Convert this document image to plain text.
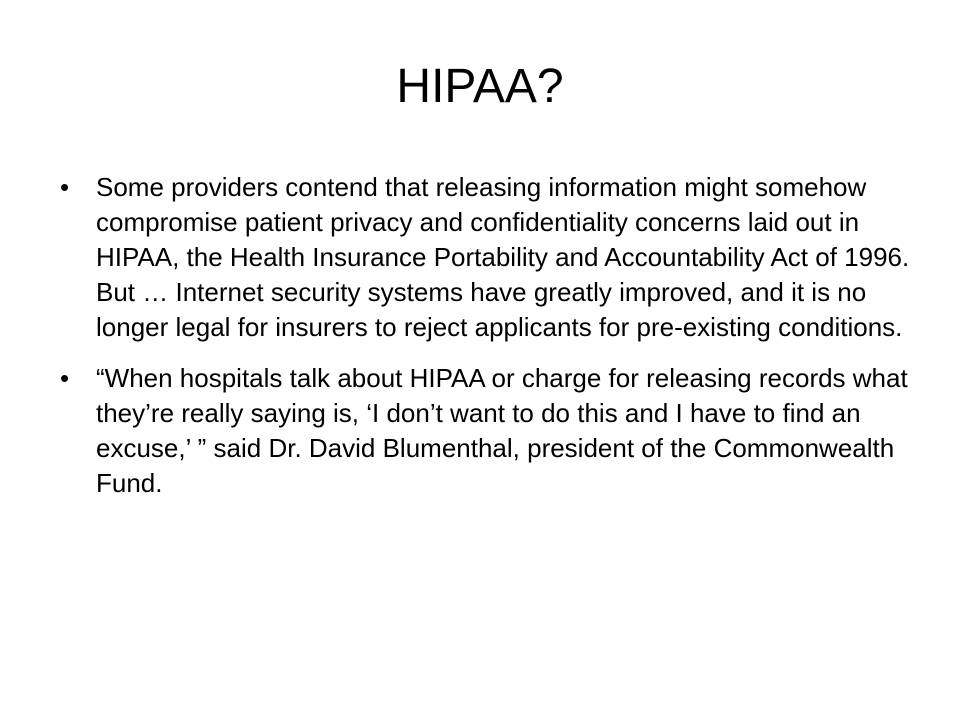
HIPAA?
•	Some providers contend that releasing information might somehow compromise patient privacy and confidentiality concerns laid out in HIPAA, the Health Insurance Portability and Accountability Act of 1996. But … Internet security systems have greatly improved, and it is no longer legal for insurers to reject applicants for pre-existing conditions.
•	“When hospitals talk about HIPAA or charge for releasing records what they’re really saying is, ‘I don’t want to do this and I have to find an excuse,’ ” said Dr. David Blumenthal, president of the Commonwealth Fund.
